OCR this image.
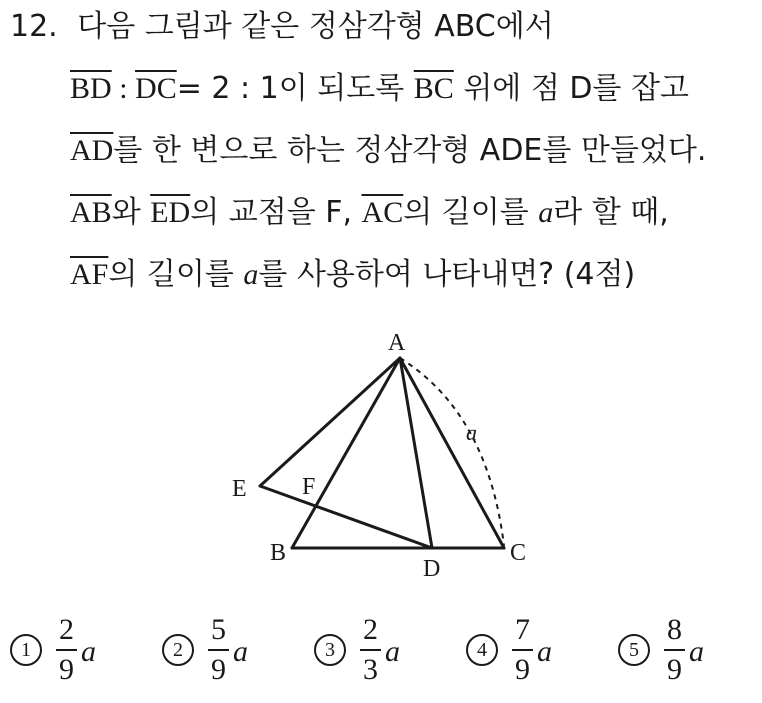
12. 다음 그림과 같은 정삼각형 ABC에서
$\overline{BD}$ : $\overline{DC}= 2$ : 1이 되도록 $\overline{BC}$ 위에 점 D를 잡고
$\overline{AD}$를 한 변으로 하는 정삼각형 ADE를 만들었다.
$\overline{AB}$와 $\overline{ED}$의 교점을 F, $\overline{AC}$의 길이를 a라 할 때,
$\overline{AF}$의 길이를 a를 사용하여 나타내면? (4점)
A
B	C
D
E F
a
$1 \frac{2}{9}$ a	$2 \frac{5}{9}$ a	$3 \frac{2}{3}$ a	$4 \frac{7}{9}$ a	$5 \frac{8}{9}$ a
